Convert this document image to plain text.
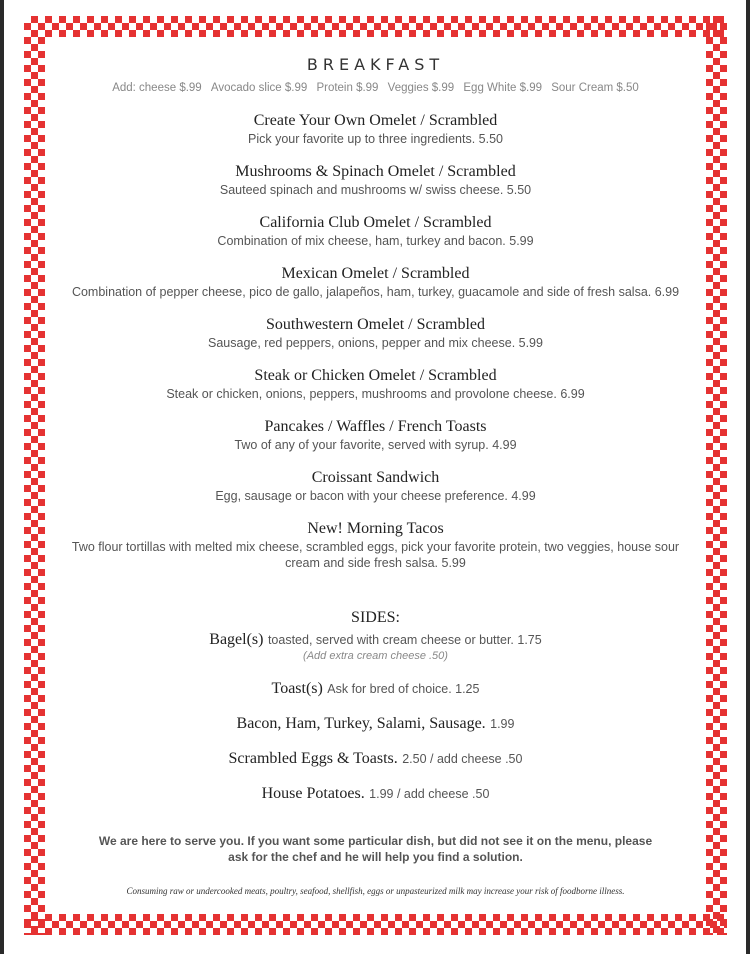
BREAKFAST
Add: cheese $.99 Avocado slice $.99 Protein $.99 Veggies $.99 Egg White $.99 Sour Cream $.50
Create Your Own Omelet / Scrambled
Pick your favorite up to three ingredients. 5.50
Mushrooms & Spinach Omelet / Scrambled
Sauteed spinach and mushrooms w/ swiss cheese. 5.50
California Club Omelet / Scrambled
Combination of mix cheese, ham, turkey and bacon. 5.99
Mexican Omelet / Scrambled
Combination of pepper cheese, pico de gallo, jalapeños, ham, turkey, guacamole and side of fresh salsa. 6.99
Southwestern Omelet / Scrambled
Sausage, red peppers, onions, pepper and mix cheese. 5.99
Steak or Chicken Omelet / Scrambled
Steak or chicken, onions, peppers, mushrooms and provolone cheese. 6.99
Pancakes / Waffles / French Toasts
Two of any of your favorite, served with syrup. 4.99
Croissant Sandwich
Egg, sausage or bacon with your cheese preference. 4.99
New! Morning Tacos
Two flour tortillas with melted mix cheese, scrambled eggs, pick your favorite protein, two veggies, house sour cream and side fresh salsa. 5.99
SIDES:
Bagel(s) toasted, served with cream cheese or butter. 1.75
(Add extra cream cheese .50)
Toast(s) Ask for bred of choice. 1.25
Bacon, Ham, Turkey, Salami, Sausage. 1.99
Scrambled Eggs & Toasts. 2.50 / add cheese .50
House Potatoes. 1.99 / add cheese .50
We are here to serve you. If you want some particular dish, but did not see it on the menu, please ask for the chef and he will help you find a solution.
Consuming raw or undercooked meats, poultry, seafood, shellfish, eggs or unpasteurized milk may increase your risk of foodborne illness.
